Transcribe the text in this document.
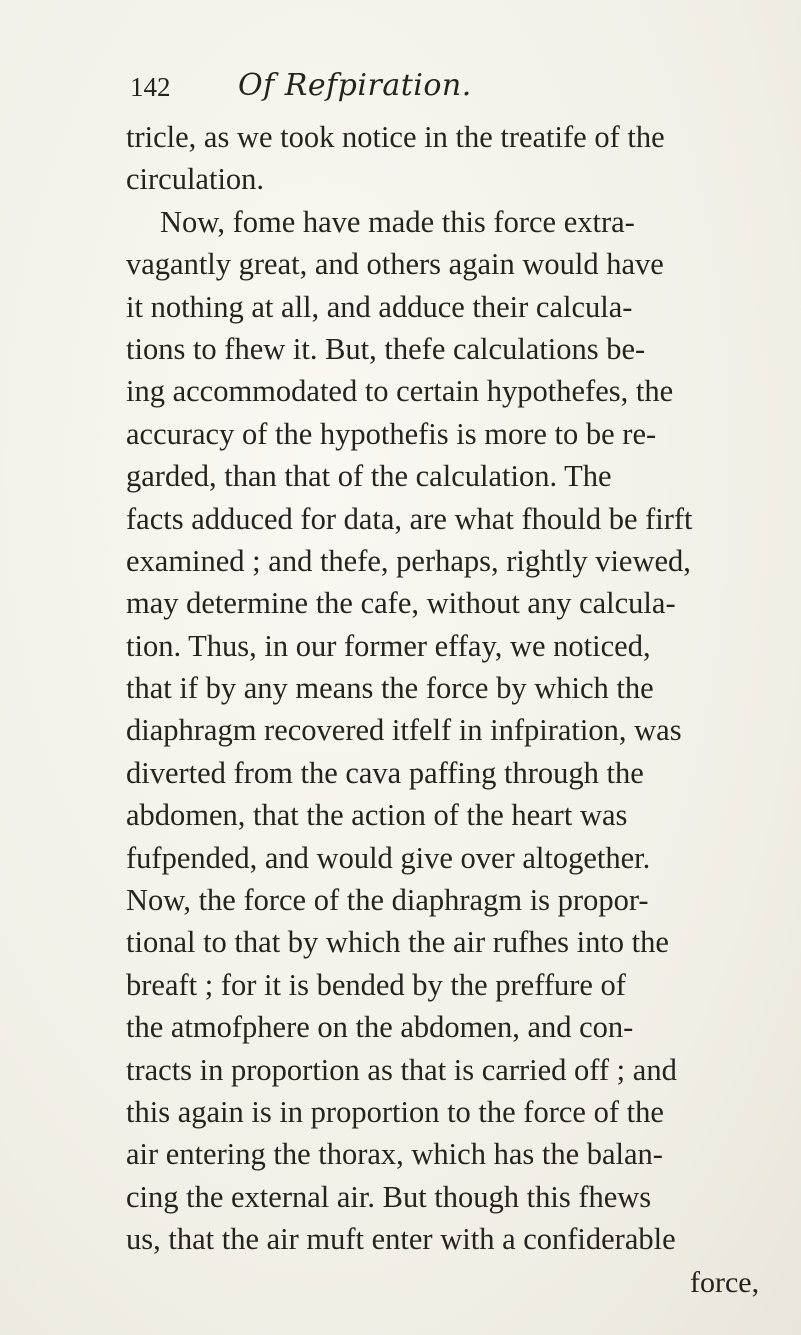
142 Of Refpiration.
tricle, as we took notice in the treatife of the
circulation.
Now, fome have made this force extra-
vagantly great, and others again would have
it nothing at all, and adduce their calcula-
tions to fhew it. But, thefe calculations be-
ing accommodated to certain hypothefes, the
accuracy of the hypothefis is more to be re-
garded, than that of the calculation. The
facts adduced for data, are what fhould be firft
examined ; and thefe, perhaps, rightly viewed,
may determine the cafe, without any calcula-
tion. Thus, in our former effay, we noticed,
that if by any means the force by which the
diaphragm recovered itfelf in infpiration, was
diverted from the cava paffing through the
abdomen, that the action of the heart was
fufpended, and would give over altogether.
Now, the force of the diaphragm is propor-
tional to that by which the air rufhes into the
breaft ; for it is bended by the preffure of
the atmofphere on the abdomen, and con-
tracts in proportion as that is carried off ; and
this again is in proportion to the force of the
air entering the thorax, which has the balan-
cing the external air. But though this fhews
us, that the air muft enter with a confiderable
force,
